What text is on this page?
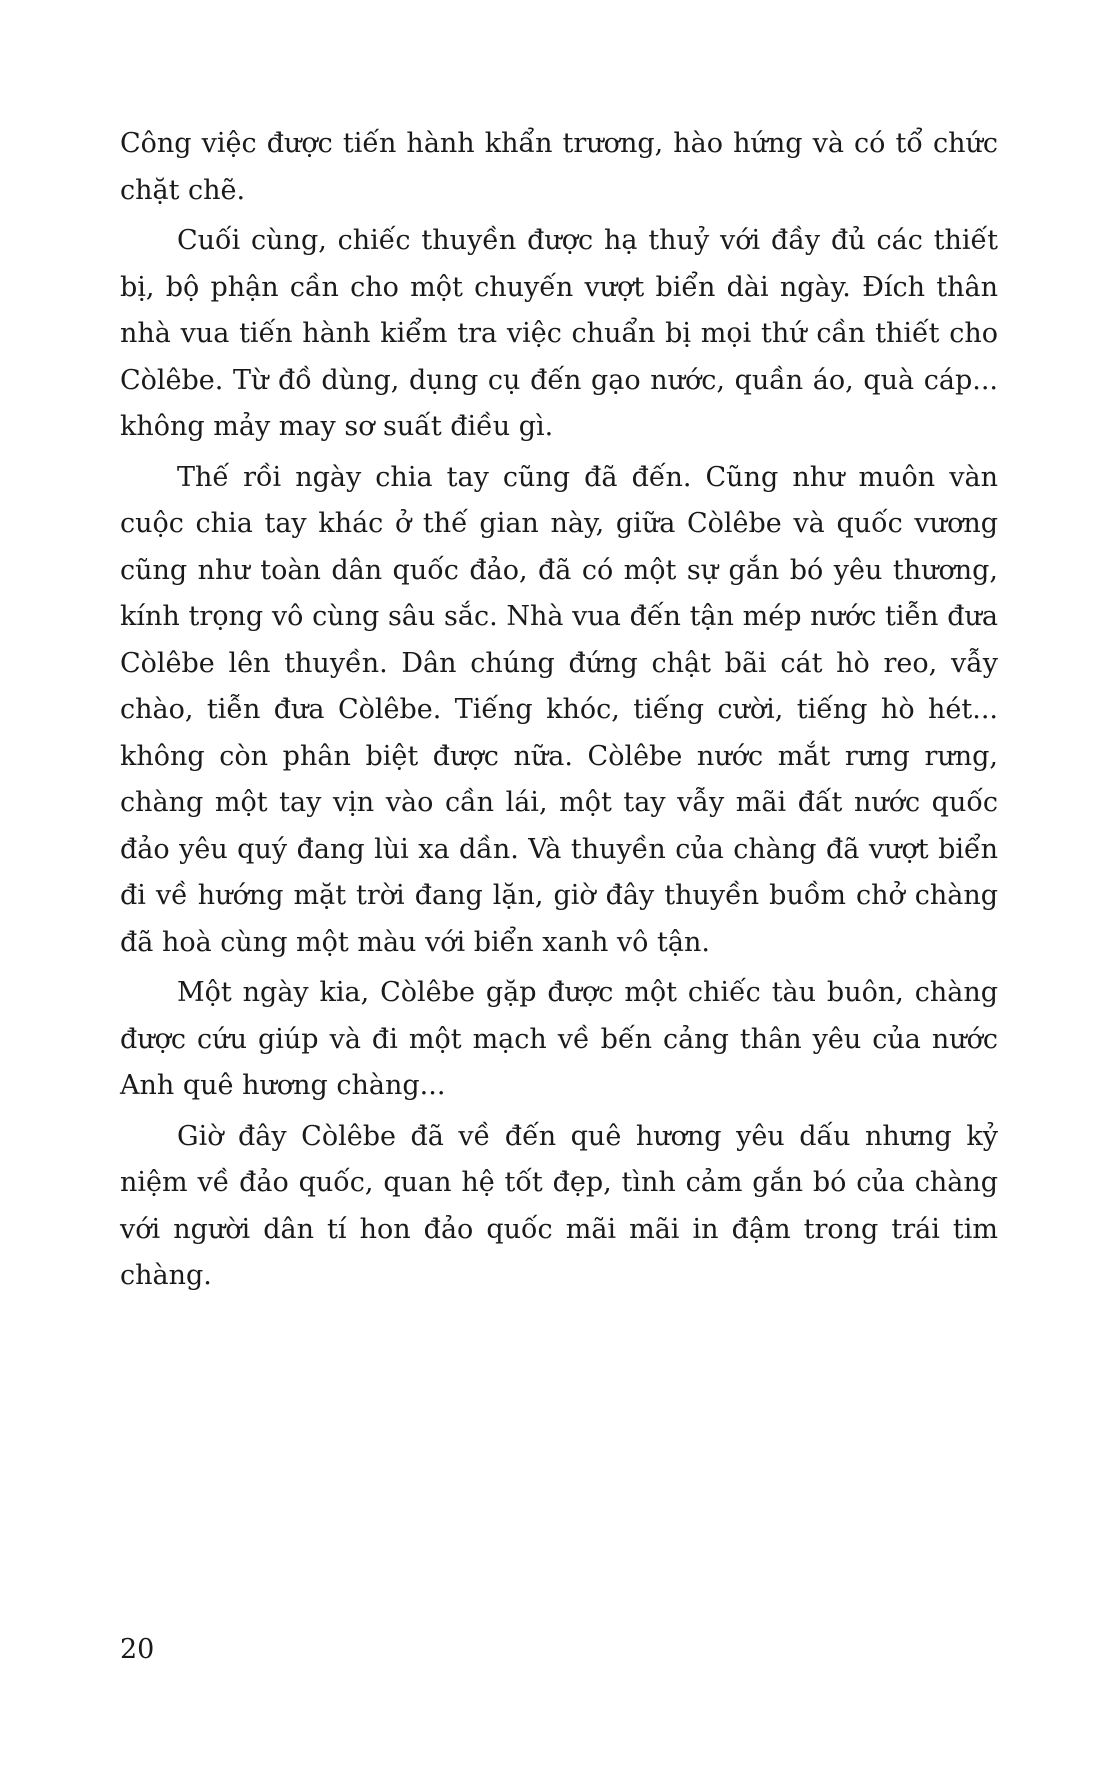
Công việc được tiến hành khẩn trương, hào hứng và có tổ chức chặt chẽ.

Cuối cùng, chiếc thuyền được hạ thuỷ với đầy đủ các thiết bị, bộ phận cần cho một chuyến vượt biển dài ngày. Đích thân nhà vua tiến hành kiểm tra việc chuẩn bị mọi thứ cần thiết cho Còlêbe. Từ đồ dùng, dụng cụ đến gạo nước, quần áo, quà cáp... không mảy may sơ suất điều gì.

Thế rồi ngày chia tay cũng đã đến. Cũng như muôn vàn cuộc chia tay khác ở thế gian này, giữa Còlêbe và quốc vương cũng như toàn dân quốc đảo, đã có một sự gắn bó yêu thương, kính trọng vô cùng sâu sắc. Nhà vua đến tận mép nước tiễn đưa Còlêbe lên thuyền. Dân chúng đứng chật bãi cát hò reo, vẫy chào, tiễn đưa Còlêbe. Tiếng khóc, tiếng cười, tiếng hò hét... không còn phân biệt được nữa. Còlêbe nước mắt rưng rưng, chàng một tay vịn vào cần lái, một tay vẫy mãi đất nước quốc đảo yêu quý đang lùi xa dần. Và thuyền của chàng đã vượt biển đi về hướng mặt trời đang lặn, giờ đây thuyền buồm chở chàng đã hoà cùng một màu với biển xanh vô tận.

Một ngày kia, Còlêbe gặp được một chiếc tàu buôn, chàng được cứu giúp và đi một mạch về bến cảng thân yêu của nước Anh quê hương chàng...

Giờ đây Còlêbe đã về đến quê hương yêu dấu nhưng kỷ niệm về đảo quốc, quan hệ tốt đẹp, tình cảm gắn bó của chàng với người dân tí hon đảo quốc mãi mãi in đậm trong trái tim chàng.

20
